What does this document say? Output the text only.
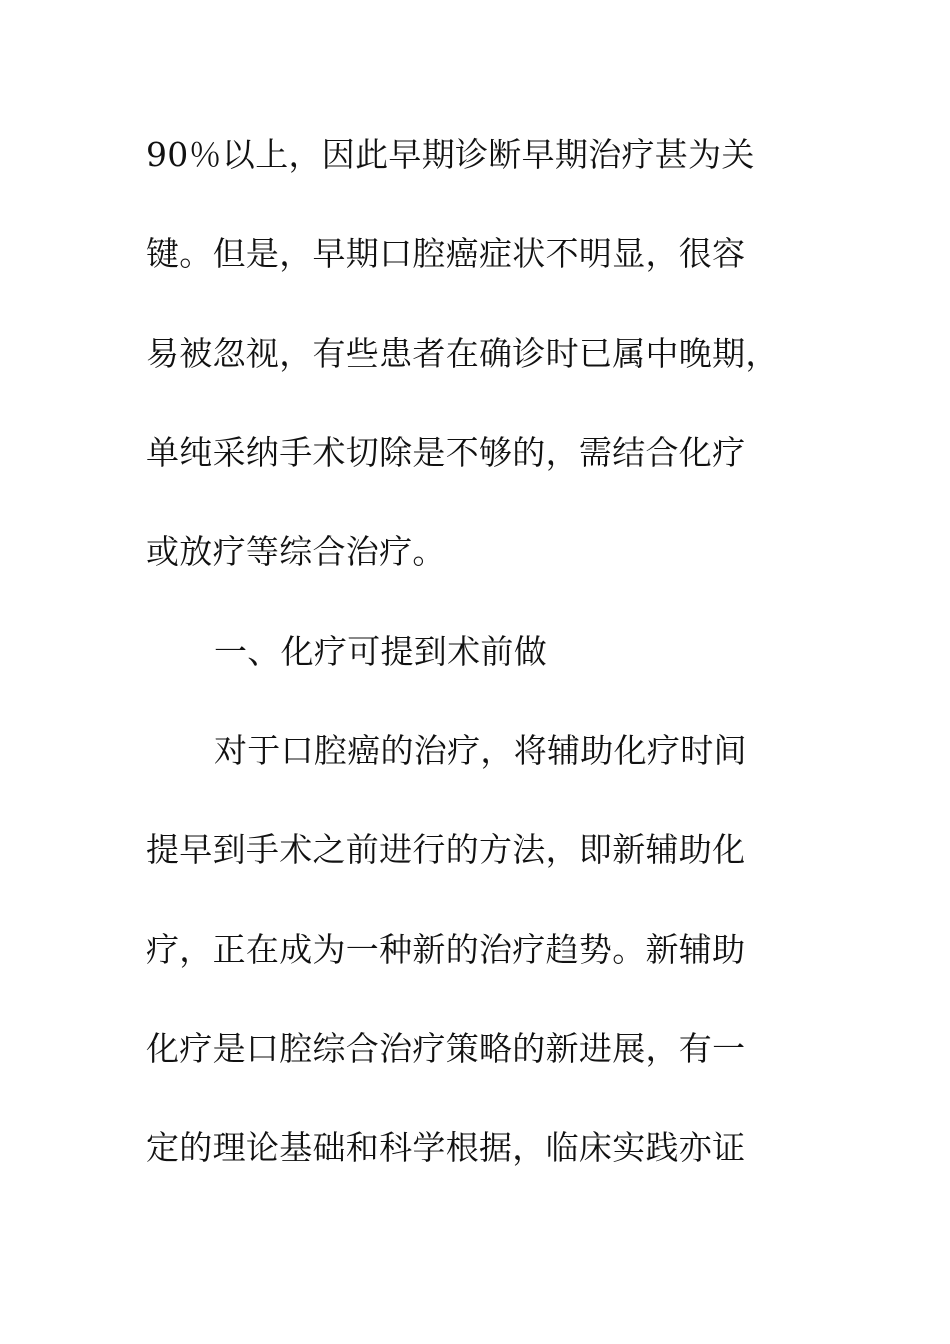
90％以上，因此早期诊断早期治疗甚为关
键。但是，早期口腔癌症状不明显，很容
易被忽视，有些患者在确诊时已属中晚期，
单纯采纳手术切除是不够的，需结合化疗
或放疗等综合治疗。
一、化疗可提到术前做
对于口腔癌的治疗，将辅助化疗时间
提早到手术之前进行的方法，即新辅助化
疗，正在成为一种新的治疗趋势。新辅助
化疗是口腔综合治疗策略的新进展，有一
定的理论基础和科学根据，临床实践亦证
